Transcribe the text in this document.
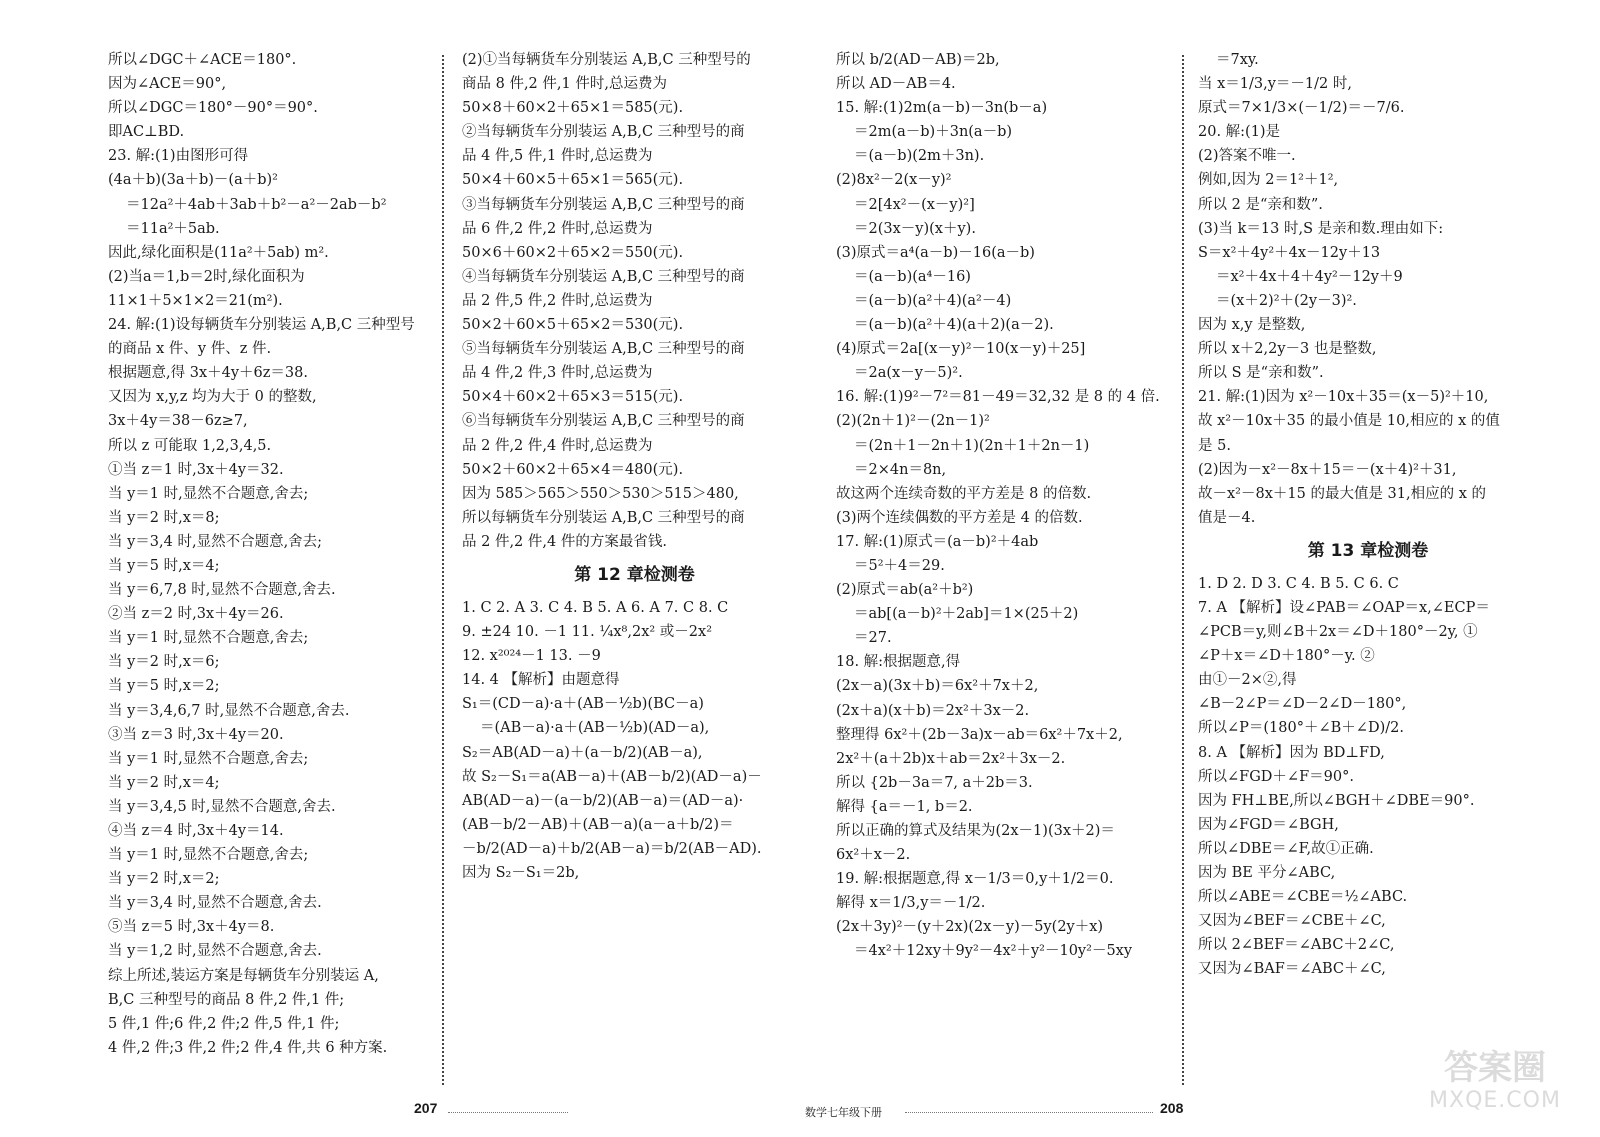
所以∠DGC＋∠ACE＝180°.
因为∠ACE＝90°,
所以∠DGC＝180°－90°＝90°.
即AC⊥BD.
23. 解:(1)由图形可得
(4a＋b)(3a＋b)－(a＋b)²
＝12a²＋4ab＋3ab＋b²－a²－2ab－b²
＝11a²＋5ab.
因此,绿化面积是(11a²＋5ab) m².
(2)当a＝1,b＝2时,绿化面积为
11×1＋5×1×2＝21(m²).
24. 解:(1)设每辆货车分别装运 A,B,C 三种型号
的商品 x 件、y 件、z 件.
根据题意,得 3x＋4y＋6z＝38.
又因为 x,y,z 均为大于 0 的整数,
3x＋4y＝38－6z≥7,
所以 z 可能取 1,2,3,4,5.
①当 z＝1 时,3x＋4y＝32.
当 y＝1 时,显然不合题意,舍去;
当 y＝2 时,x＝8;
当 y＝3,4 时,显然不合题意,舍去;
当 y＝5 时,x＝4;
当 y＝6,7,8 时,显然不合题意,舍去.
②当 z＝2 时,3x＋4y＝26.
当 y＝1 时,显然不合题意,舍去;
当 y＝2 时,x＝6;
当 y＝5 时,x＝2;
当 y＝3,4,6,7 时,显然不合题意,舍去.
③当 z＝3 时,3x＋4y＝20.
当 y＝1 时,显然不合题意,舍去;
当 y＝2 时,x＝4;
当 y＝3,4,5 时,显然不合题意,舍去.
④当 z＝4 时,3x＋4y＝14.
当 y＝1 时,显然不合题意,舍去;
当 y＝2 时,x＝2;
当 y＝3,4 时,显然不合题意,舍去.
⑤当 z＝5 时,3x＋4y＝8.
当 y＝1,2 时,显然不合题意,舍去.
综上所述,装运方案是每辆货车分别装运 A,
B,C 三种型号的商品 8 件,2 件,1 件;
5 件,1 件;6 件,2 件;2 件,5 件,1 件;
4 件,2 件;3 件,2 件;2 件,4 件,共 6 种方案.
(2)①当每辆货车分别装运 A,B,C 三种型号的
商品 8 件,2 件,1 件时,总运费为
50×8＋60×2＋65×1＝585(元).
②当每辆货车分别装运 A,B,C 三种型号的商
品 4 件,5 件,1 件时,总运费为
50×4＋60×5＋65×1＝565(元).
③当每辆货车分别装运 A,B,C 三种型号的商
品 6 件,2 件,2 件时,总运费为
50×6＋60×2＋65×2＝550(元).
④当每辆货车分别装运 A,B,C 三种型号的商
品 2 件,5 件,2 件时,总运费为
50×2＋60×5＋65×2＝530(元).
⑤当每辆货车分别装运 A,B,C 三种型号的商
品 4 件,2 件,3 件时,总运费为
50×4＋60×2＋65×3＝515(元).
⑥当每辆货车分别装运 A,B,C 三种型号的商
品 2 件,2 件,4 件时,总运费为
50×2＋60×2＋65×4＝480(元).
因为 585＞565＞550＞530＞515＞480,
所以每辆货车分别装运 A,B,C 三种型号的商
品 2 件,2 件,4 件的方案最省钱.
第 12 章检测卷
1. C 2. A 3. C 4. B 5. A 6. A 7. C 8. C
9. ±24 10. －1 11. ¼x⁸,2x² 或－2x²
12. x²⁰²⁴－1 13. －9
14. 4 【解析】由题意得
S₁＝(CD－a)·a＋(AB－½b)(BC－a)
＝(AB－a)·a＋(AB－½b)(AD－a),
S₂＝AB(AD－a)＋(a－b/2)(AB－a),
故 S₂－S₁＝a(AB－a)＋(AB－b/2)(AD－a)－
AB(AD－a)－(a－b/2)(AB－a)＝(AD－a)·
(AB－b/2－AB)＋(AB－a)(a－a＋b/2)＝
－b/2(AD－a)＋b/2(AB－a)＝b/2(AB－AD).
因为 S₂－S₁＝2b,
所以 b/2(AD－AB)＝2b,
所以 AD－AB＝4.
15. 解:(1)2m(a－b)－3n(b－a)
＝2m(a－b)＋3n(a－b)
＝(a－b)(2m＋3n).
(2)8x²－2(x－y)²
＝2[4x²－(x－y)²]
＝2(3x－y)(x＋y).
(3)原式＝a⁴(a－b)－16(a－b)
＝(a－b)(a⁴－16)
＝(a－b)(a²＋4)(a²－4)
＝(a－b)(a²＋4)(a＋2)(a－2).
(4)原式＝2a[(x－y)²－10(x－y)＋25]
＝2a(x－y－5)².
16. 解:(1)9²－7²＝81－49＝32,32 是 8 的 4 倍.
(2)(2n＋1)²－(2n－1)²
＝(2n＋1－2n＋1)(2n＋1＋2n－1)
＝2×4n＝8n,
故这两个连续奇数的平方差是 8 的倍数.
(3)两个连续偶数的平方差是 4 的倍数.
17. 解:(1)原式＝(a－b)²＋4ab
＝5²＋4＝29.
(2)原式＝ab(a²＋b²)
＝ab[(a－b)²＋2ab]＝1×(25＋2)
＝27.
18. 解:根据题意,得
(2x－a)(3x＋b)＝6x²＋7x＋2,
(2x＋a)(x＋b)＝2x²＋3x－2.
整理得 6x²＋(2b－3a)x－ab＝6x²＋7x＋2,
2x²＋(a＋2b)x＋ab＝2x²＋3x－2.
所以 {2b－3a＝7, a＋2b＝3.
解得 {a＝－1, b＝2.
所以正确的算式及结果为(2x－1)(3x＋2)＝
6x²＋x－2.
19. 解:根据题意,得 x－1/3＝0,y＋1/2＝0.
解得 x＝1/3,y＝－1/2.
(2x＋3y)²－(y＋2x)(2x－y)－5y(2y＋x)
＝4x²＋12xy＋9y²－4x²＋y²－10y²－5xy
＝7xy.
当 x＝1/3,y＝－1/2 时,
原式＝7×1/3×(－1/2)＝－7/6.
20. 解:(1)是
(2)答案不唯一.
例如,因为 2＝1²＋1²,
所以 2 是“亲和数”.
(3)当 k＝13 时,S 是亲和数.理由如下:
S＝x²＋4y²＋4x－12y＋13
＝x²＋4x＋4＋4y²－12y＋9
＝(x＋2)²＋(2y－3)².
因为 x,y 是整数,
所以 x＋2,2y－3 也是整数,
所以 S 是“亲和数”.
21. 解:(1)因为 x²－10x＋35＝(x－5)²＋10,
故 x²－10x＋35 的最小值是 10,相应的 x 的值
是 5.
(2)因为－x²－8x＋15＝－(x＋4)²＋31,
故－x²－8x＋15 的最大值是 31,相应的 x 的
值是－4.
第 13 章检测卷
1. D 2. D 3. C 4. B 5. C 6. C
7. A 【解析】设∠PAB＝∠OAP＝x,∠ECP＝
∠PCB＝y,则∠B＋2x＝∠D＋180°－2y, ①
∠P＋x＝∠D＋180°－y. ②
由①－2×②,得
∠B－2∠P＝∠D－2∠D－180°,
所以∠P＝(180°＋∠B＋∠D)/2.
8. A 【解析】因为 BD⊥FD,
所以∠FGD＋∠F＝90°.
因为 FH⊥BE,所以∠BGH＋∠DBE＝90°.
因为∠FGD＝∠BGH,
所以∠DBE＝∠F,故①正确.
因为 BE 平分∠ABC,
所以∠ABE＝∠CBE＝½∠ABC.
又因为∠BEF＝∠CBE＋∠C,
所以 2∠BEF＝∠ABC＋2∠C,
又因为∠BAF＝∠ABC＋∠C,
207	数学七年级下册	208
答案圈
MXQE.COM
